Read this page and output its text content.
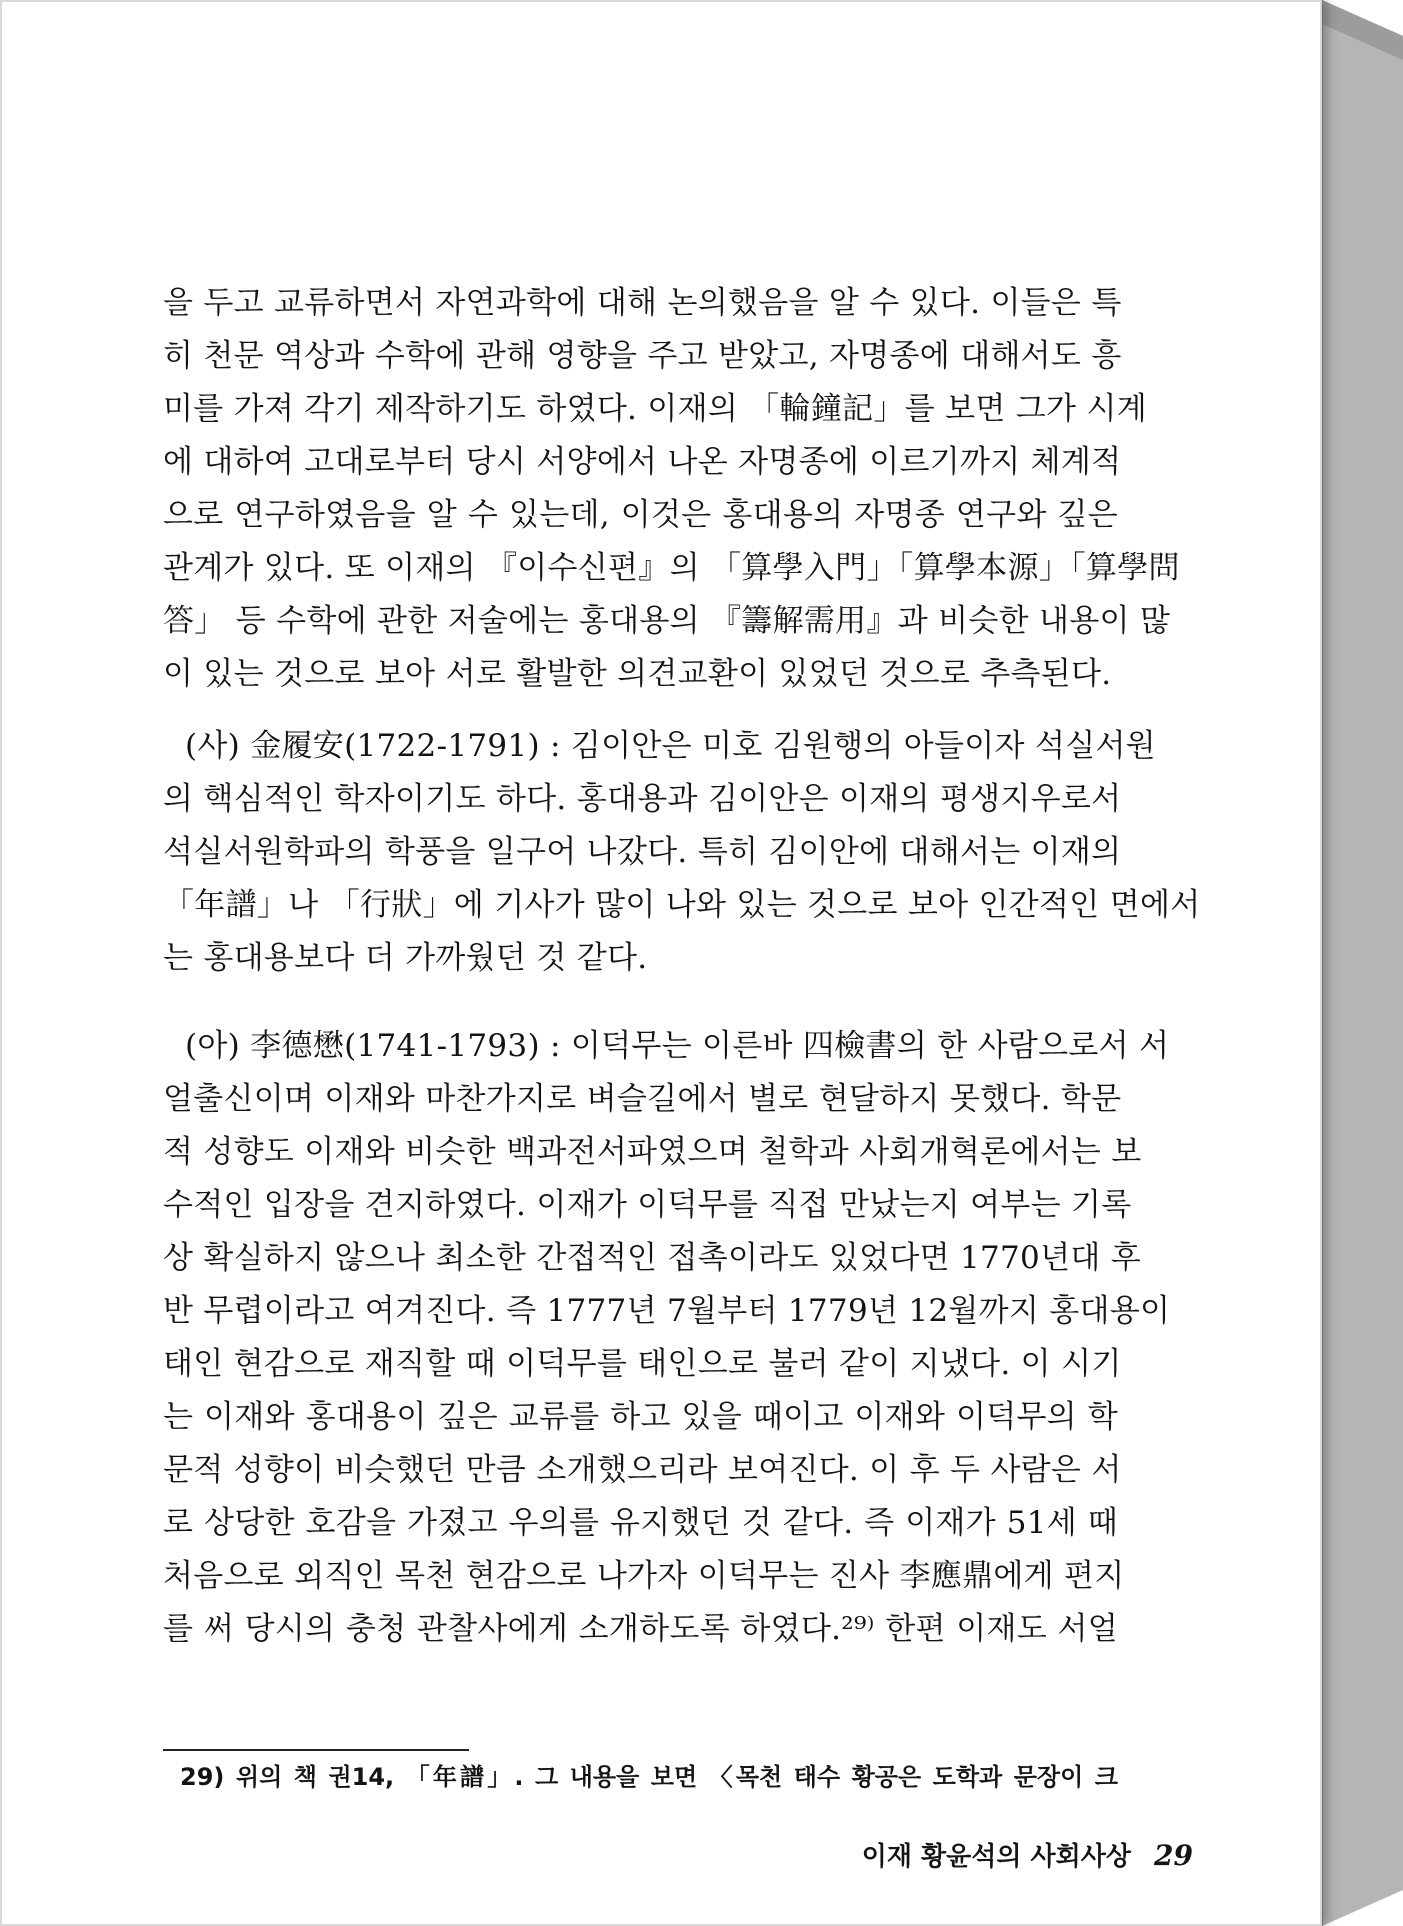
을 두고 교류하면서 자연과학에 대해 논의했음을 알 수 있다. 이들은 특
히 천문 역상과 수학에 관해 영향을 주고 받았고, 자명종에 대해서도 흥
미를 가져 각기 제작하기도 하였다. 이재의 「輪鐘記」를 보면 그가 시계
에 대하여 고대로부터 당시 서양에서 나온 자명종에 이르기까지 체계적
으로 연구하였음을 알 수 있는데, 이것은 홍대용의 자명종 연구와 깊은
관계가 있다. 또 이재의 『이수신편』의 「算學入門」「算學本源」「算學問
答」 등 수학에 관한 저술에는 홍대용의 『籌解需用』과 비슷한 내용이 많
이 있는 것으로 보아 서로 활발한 의견교환이 있었던 것으로 추측된다.
(사) 金履安(1722-1791) : 김이안은 미호 김원행의 아들이자 석실서원
의 핵심적인 학자이기도 하다. 홍대용과 김이안은 이재의 평생지우로서
석실서원학파의 학풍을 일구어 나갔다. 특히 김이안에 대해서는 이재의
「年譜」나 「行狀」에 기사가 많이 나와 있는 것으로 보아 인간적인 면에서
는 홍대용보다 더 가까웠던 것 같다.
(아) 李德懋(1741-1793) : 이덕무는 이른바 四檢書의 한 사람으로서 서
얼출신이며 이재와 마찬가지로 벼슬길에서 별로 현달하지 못했다. 학문
적 성향도 이재와 비슷한 백과전서파였으며 철학과 사회개혁론에서는 보
수적인 입장을 견지하였다. 이재가 이덕무를 직접 만났는지 여부는 기록
상 확실하지 않으나 최소한 간접적인 접촉이라도 있었다면 1770년대 후
반 무렵이라고 여겨진다. 즉 1777년 7월부터 1779년 12월까지 홍대용이
태인 현감으로 재직할 때 이덕무를 태인으로 불러 같이 지냈다. 이 시기
는 이재와 홍대용이 깊은 교류를 하고 있을 때이고 이재와 이덕무의 학
문적 성향이 비슷했던 만큼 소개했으리라 보여진다. 이 후 두 사람은 서
로 상당한 호감을 가졌고 우의를 유지했던 것 같다. 즉 이재가 51세 때
처음으로 외직인 목천 현감으로 나가자 이덕무는 진사 李應鼎에게 편지
를 써 당시의 충청 관찰사에게 소개하도록 하였다.²⁹⁾ 한편 이재도 서얼
29) 위의 책 권14, 「年譜」. 그 내용을 보면 〈목천 태수 황공은 도학과 문장이 크
이재 황윤석의 사회사상 29
